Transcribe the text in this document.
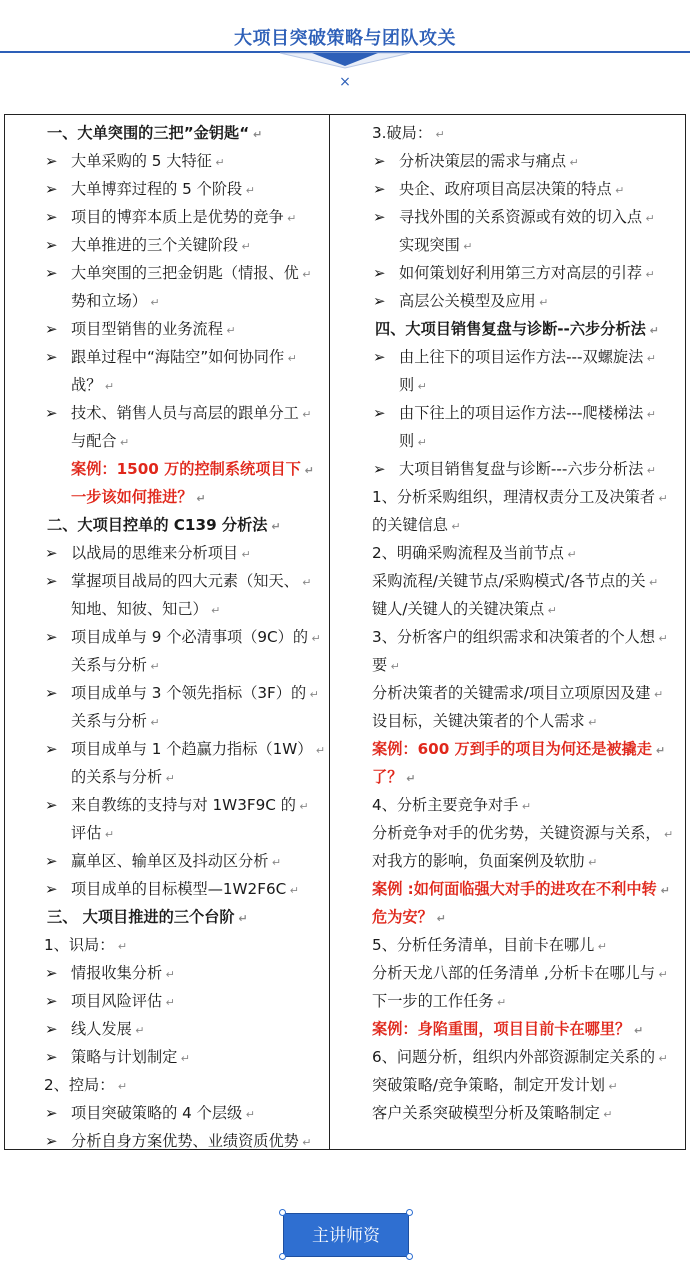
大项目突破策略与团队攻关
×
一、大单突围的三把”金钥匙“ ↵
➢ 大单采购的 5 大特征 ↵
➢ 大单博弈过程的 5 个阶段 ↵
➢ 项目的博弈本质上是优势的竞争 ↵
➢ 大单推进的三个关键阶段 ↵
➢ 大单突围的三把金钥匙（情报、优 ↵
势和立场） ↵
➢ 项目型销售的业务流程 ↵
➢ 跟单过程中“海陆空”如何协同作 ↵
战？ ↵
➢ 技术、销售人员与高层的跟单分工 ↵
与配合 ↵
案例：1500 万的控制系统项目下 ↵
一步该如何推进？ ↵
二、大项目控单的 C139 分析法 ↵
➢ 以战局的思维来分析项目 ↵
➢ 掌握项目战局的四大元素（知天、 ↵
知地、知彼、知己） ↵
➢ 项目成单与 9 个必清事项（9C）的 ↵
关系与分析 ↵
➢ 项目成单与 3 个领先指标（3F）的 ↵
关系与分析 ↵
➢ 项目成单与 1 个趋赢力指标（1W） ↵
的关系与分析 ↵
➢ 来自教练的支持与对 1W3F9C 的 ↵
评估 ↵
➢ 赢单区、输单区及抖动区分析 ↵
➢ 项目成单的目标模型—1W2F6C ↵
三、 大项目推进的三个台阶 ↵
1、识局： ↵
➢ 情报收集分析 ↵
➢ 项目风险评估 ↵
➢ 线人发展 ↵
➢ 策略与计划制定 ↵
2、控局： ↵
➢ 项目突破策略的 4 个层级 ↵
➢ 分析自身方案优势、业绩资质优势 ↵
3.破局： ↵
➢ 分析决策层的需求与痛点 ↵
➢ 央企、政府项目高层决策的特点 ↵
➢ 寻找外围的关系资源或有效的切入点 ↵
实现突围 ↵
➢ 如何策划好利用第三方对高层的引荐 ↵
➢ 高层公关模型及应用 ↵
四、大项目销售复盘与诊断--六步分析法 ↵
➢ 由上往下的项目运作方法---双螺旋法 ↵
则 ↵
➢ 由下往上的项目运作方法---爬楼梯法 ↵
则 ↵
➢ 大项目销售复盘与诊断---六步分析法 ↵
1、分析采购组织，理清权责分工及决策者 ↵
的关键信息 ↵
2、明确采购流程及当前节点 ↵
采购流程/关键节点/采购模式/各节点的关 ↵
键人/关键人的关键决策点 ↵
3、分析客户的组织需求和决策者的个人想 ↵
要 ↵
分析决策者的关键需求/项目立项原因及建 ↵
设目标，关键决策者的个人需求 ↵
案例：600 万到手的项目为何还是被撬走 ↵
了？ ↵
4、分析主要竞争对手 ↵
分析竞争对手的优劣势，关键资源与关系， ↵
对我方的影响，负面案例及软肋 ↵
案例 :如何面临强大对手的进攻在不利中转 ↵
危为安？ ↵
5、分析任务清单，目前卡在哪儿 ↵
分析天龙八部的任务清单 ,分析卡在哪儿与 ↵
下一步的工作任务 ↵
案例：身陷重围，项目目前卡在哪里？ ↵
6、问题分析，组织内外部资源制定关系的 ↵
突破策略/竞争策略，制定开发计划 ↵
客户关系突破模型分析及策略制定 ↵
主讲师资
